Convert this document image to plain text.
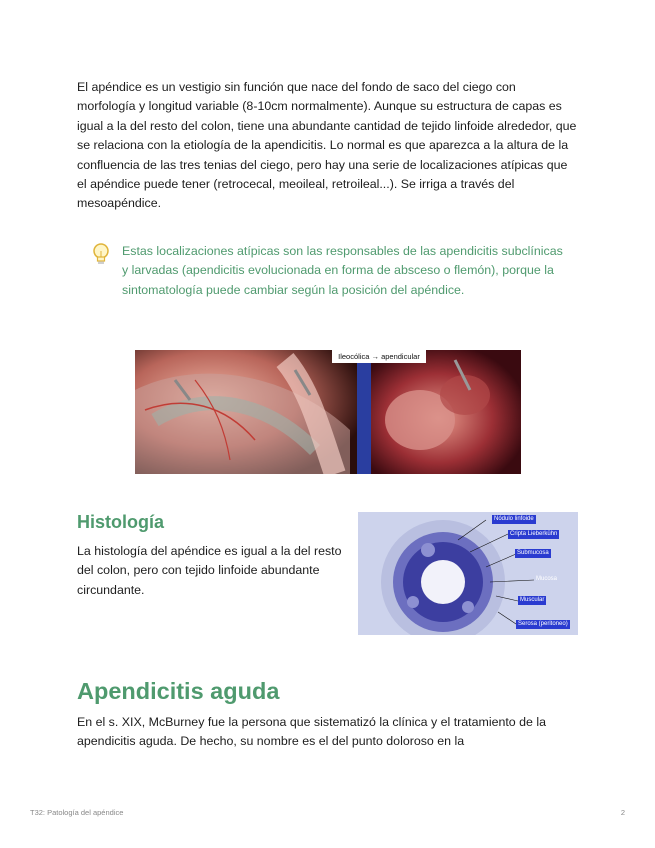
El apéndice es un vestigio sin función que nace del fondo de saco del ciego con morfología y longitud variable (8-10cm normalmente). Aunque su estructura de capas es igual a la del resto del colon, tiene una abundante cantidad de tejido linfoide alrededor, que se relaciona con la etiología de la apendicitis. Lo normal es que aparezca a la altura de la confluencia de las tres tenias del ciego, pero hay una serie de localizaciones atípicas que el apéndice puede tener (retrocecal, meoileal, retroileal...). Se irriga a través del mesoapéndice.

Estas localizaciones atípicas son las responsables de las apendicitis subclínicas y larvadas (apendicitis evolucionada en forma de absceso o flemón), porque la sintomatología puede cambiar según la posición del apéndice.

Ileocólica → apendicular
Histología

La histología del apéndice es igual a la del resto del colon, pero con tejido linfoide abundante circundante.

Nódulo linfoide
Cripta Lieberkühn
Submucosa
Mucosa
Muscular
Serosa (peritoneo)
Apendicitis aguda

En el s. XIX, McBurney fue la persona que sistematizó la clínica y el tratamiento de la apendicitis aguda. De hecho, su nombre es el del punto doloroso en la

T32: Patología del apéndice	2
